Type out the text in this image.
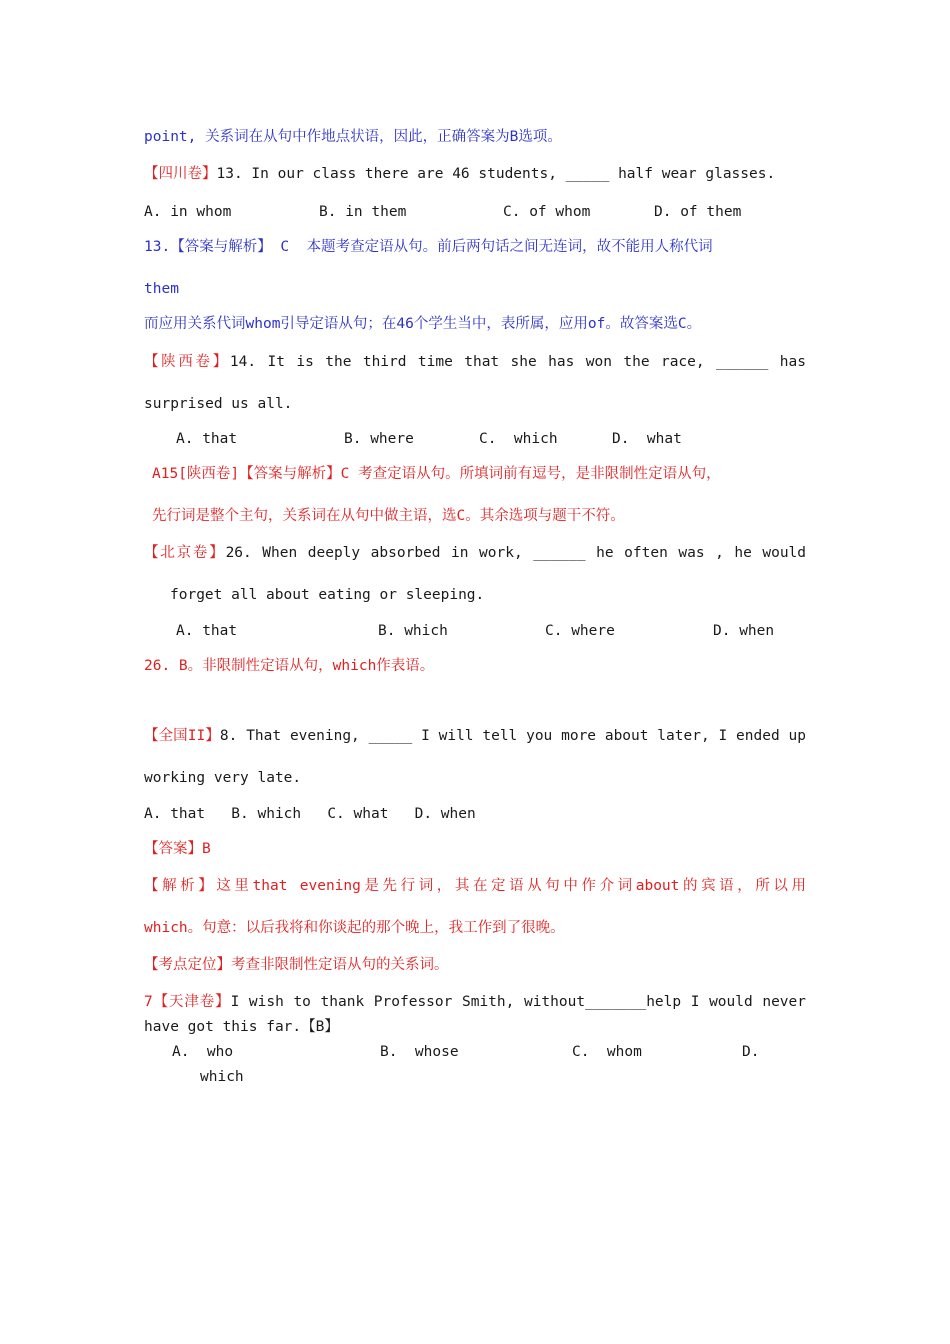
point, 关系词在从句中作地点状语，因此，正确答案为B选项。
【四川卷】13. In our class there are 46 students, _____ half wear glasses.
A. in whom	B. in them	C. of whom	D. of them
13.【答案与解析】 C  本题考查定语从句。前后两句话之间无连词，故不能用人称代词
them
而应用关系代词whom引导定语从句；在46个学生当中，表所属，应用of。故答案选C。
【陕西卷】14. It is the third time that she has won the race, ______ has
surprised us all.
A. that	B. where	C.  which	D.  what
A15[陕西卷]【答案与解析】C 考查定语从句。所填词前有逗号，是非限制性定语从句，
先行词是整个主句，关系词在从句中做主语，选C。其余选项与题干不符。
【北京卷】26. When deeply absorbed in work, ______ he often was , he would
forget all about eating or sleeping.
A. that	B. which	C. where	D. when
26. B。非限制性定语从句，which作表语。
【全国II】8. That evening, _____ I will tell you more about later, I ended up
working very late.
A. that   B. which   C. what   D. when
【答案】B
【解析】这里that evening是先行词，其在定语从句中作介词about的宾语，所以用
which。句意：以后我将和你谈起的那个晚上，我工作到了很晚。
【考点定位】考查非限制性定语从句的关系词。
7【天津卷】I wish to thank Professor Smith, without_______help I would never
have got this far.【B】
A.  who	B.  whose	C.  whom	D.
which
